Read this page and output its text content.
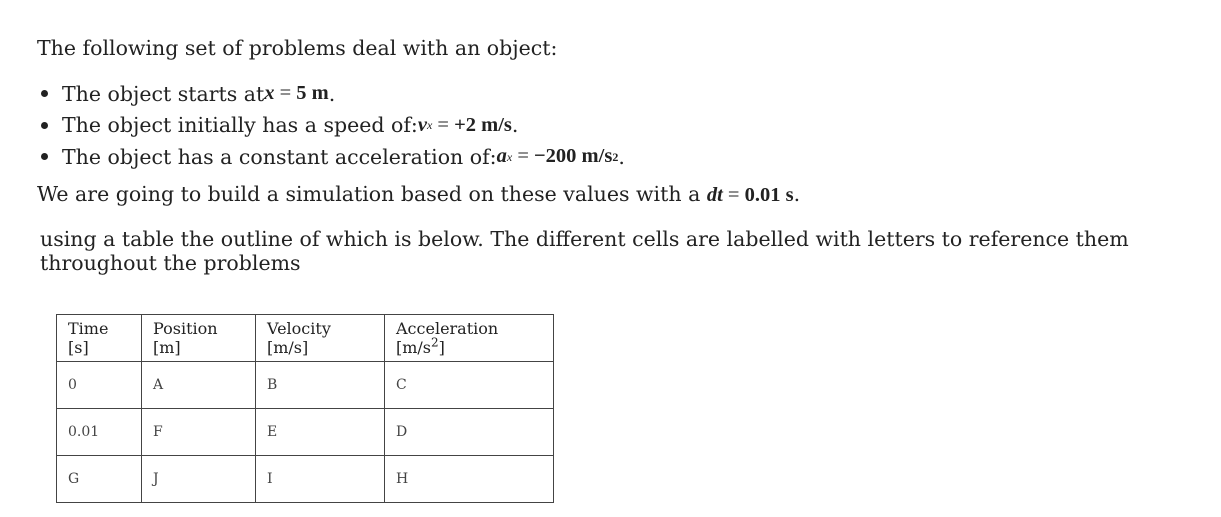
The following set of problems deal with an object:
The object starts at x = 5 m .
The object initially has a speed of: v x = +2 m/s .
The object has a constant acceleration of: a x = −200 m/s 2 .
We are going to build a simulation based on these values with a dt = 0.01 s.
using a table the outline of which is below. The different cells are labelled with letters to reference them throughout the problems
Time [s]	Position [m]	Velocity [m/s]	Acceleration $[m/s^2]$
0	A	B	C
0.01	F	E	D
G	J	I	H
